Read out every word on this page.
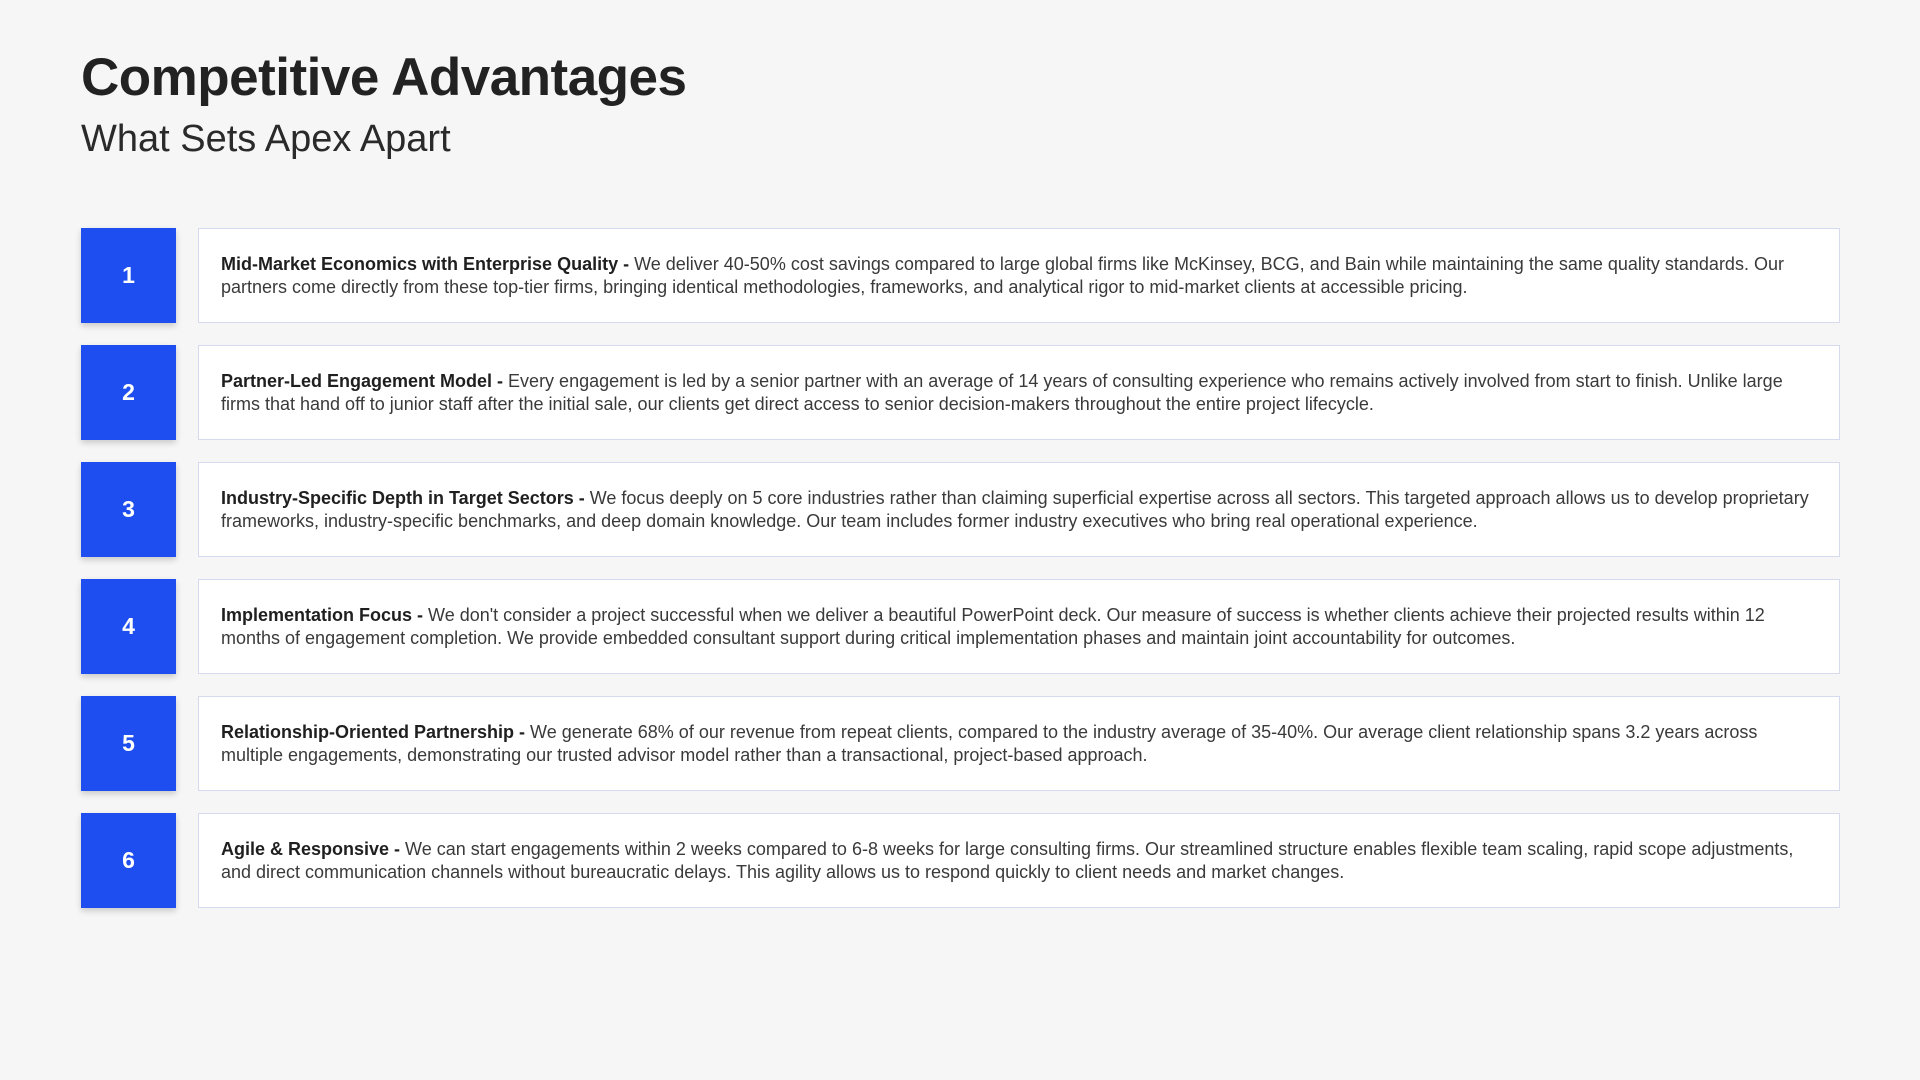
Competitive Advantages
What Sets Apex Apart
1	Mid-Market Economics with Enterprise Quality - We deliver 40-50% cost savings compared to large global firms like McKinsey, BCG, and Bain while maintaining the same quality standards. Our partners come directly from these top-tier firms, bringing identical methodologies, frameworks, and analytical rigor to mid-market clients at accessible pricing.
2	Partner-Led Engagement Model - Every engagement is led by a senior partner with an average of 14 years of consulting experience who remains actively involved from start to finish. Unlike large firms that hand off to junior staff after the initial sale, our clients get direct access to senior decision-makers throughout the entire project lifecycle.
3	Industry-Specific Depth in Target Sectors - We focus deeply on 5 core industries rather than claiming superficial expertise across all sectors. This targeted approach allows us to develop proprietary frameworks, industry-specific benchmarks, and deep domain knowledge. Our team includes former industry executives who bring real operational experience.
4	Implementation Focus - We don't consider a project successful when we deliver a beautiful PowerPoint deck. Our measure of success is whether clients achieve their projected results within 12 months of engagement completion. We provide embedded consultant support during critical implementation phases and maintain joint accountability for outcomes.
5	Relationship-Oriented Partnership - We generate 68% of our revenue from repeat clients, compared to the industry average of 35-40%. Our average client relationship spans 3.2 years across multiple engagements, demonstrating our trusted advisor model rather than a transactional, project-based approach.
6	Agile & Responsive - We can start engagements within 2 weeks compared to 6-8 weeks for large consulting firms. Our streamlined structure enables flexible team scaling, rapid scope adjustments, and direct communication channels without bureaucratic delays. This agility allows us to respond quickly to client needs and market changes.
